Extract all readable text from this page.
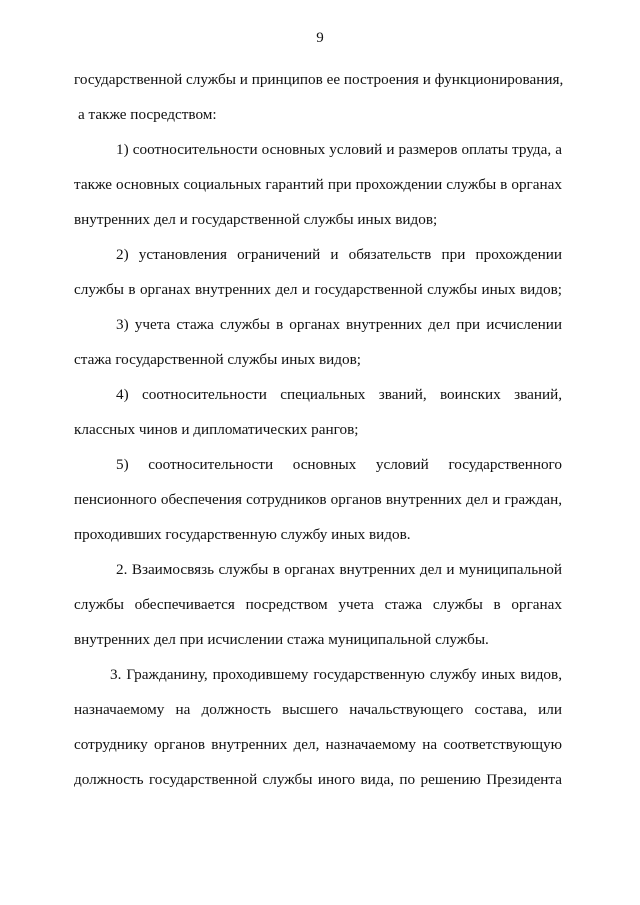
9
государственной службы и принципов ее построения и функционирования,
а также посредством:
1) соотносительности основных условий и размеров оплаты труда, а
также основных социальных гарантий при прохождении службы в органах
внутренних дел и государственной службы иных видов;
2) установления ограничений и обязательств при прохождении
службы в органах внутренних дел и государственной службы иных видов;
3) учета стажа службы в органах внутренних дел при исчислении
стажа государственной службы иных видов;
4) соотносительности специальных званий, воинских званий,
классных чинов и дипломатических рангов;
5) соотносительности основных условий государственного
пенсионного обеспечения сотрудников органов внутренних дел и граждан,
проходивших государственную службу иных видов.
2. Взаимосвязь службы в органах внутренних дел и муниципальной
службы обеспечивается посредством учета стажа службы в органах
внутренних дел при исчислении стажа муниципальной службы.
3. Гражданину, проходившему государственную службу иных видов,
назначаемому на должность высшего начальствующего состава, или
сотруднику органов внутренних дел, назначаемому на соответствующую
должность государственной службы иного вида, по решению Президента
